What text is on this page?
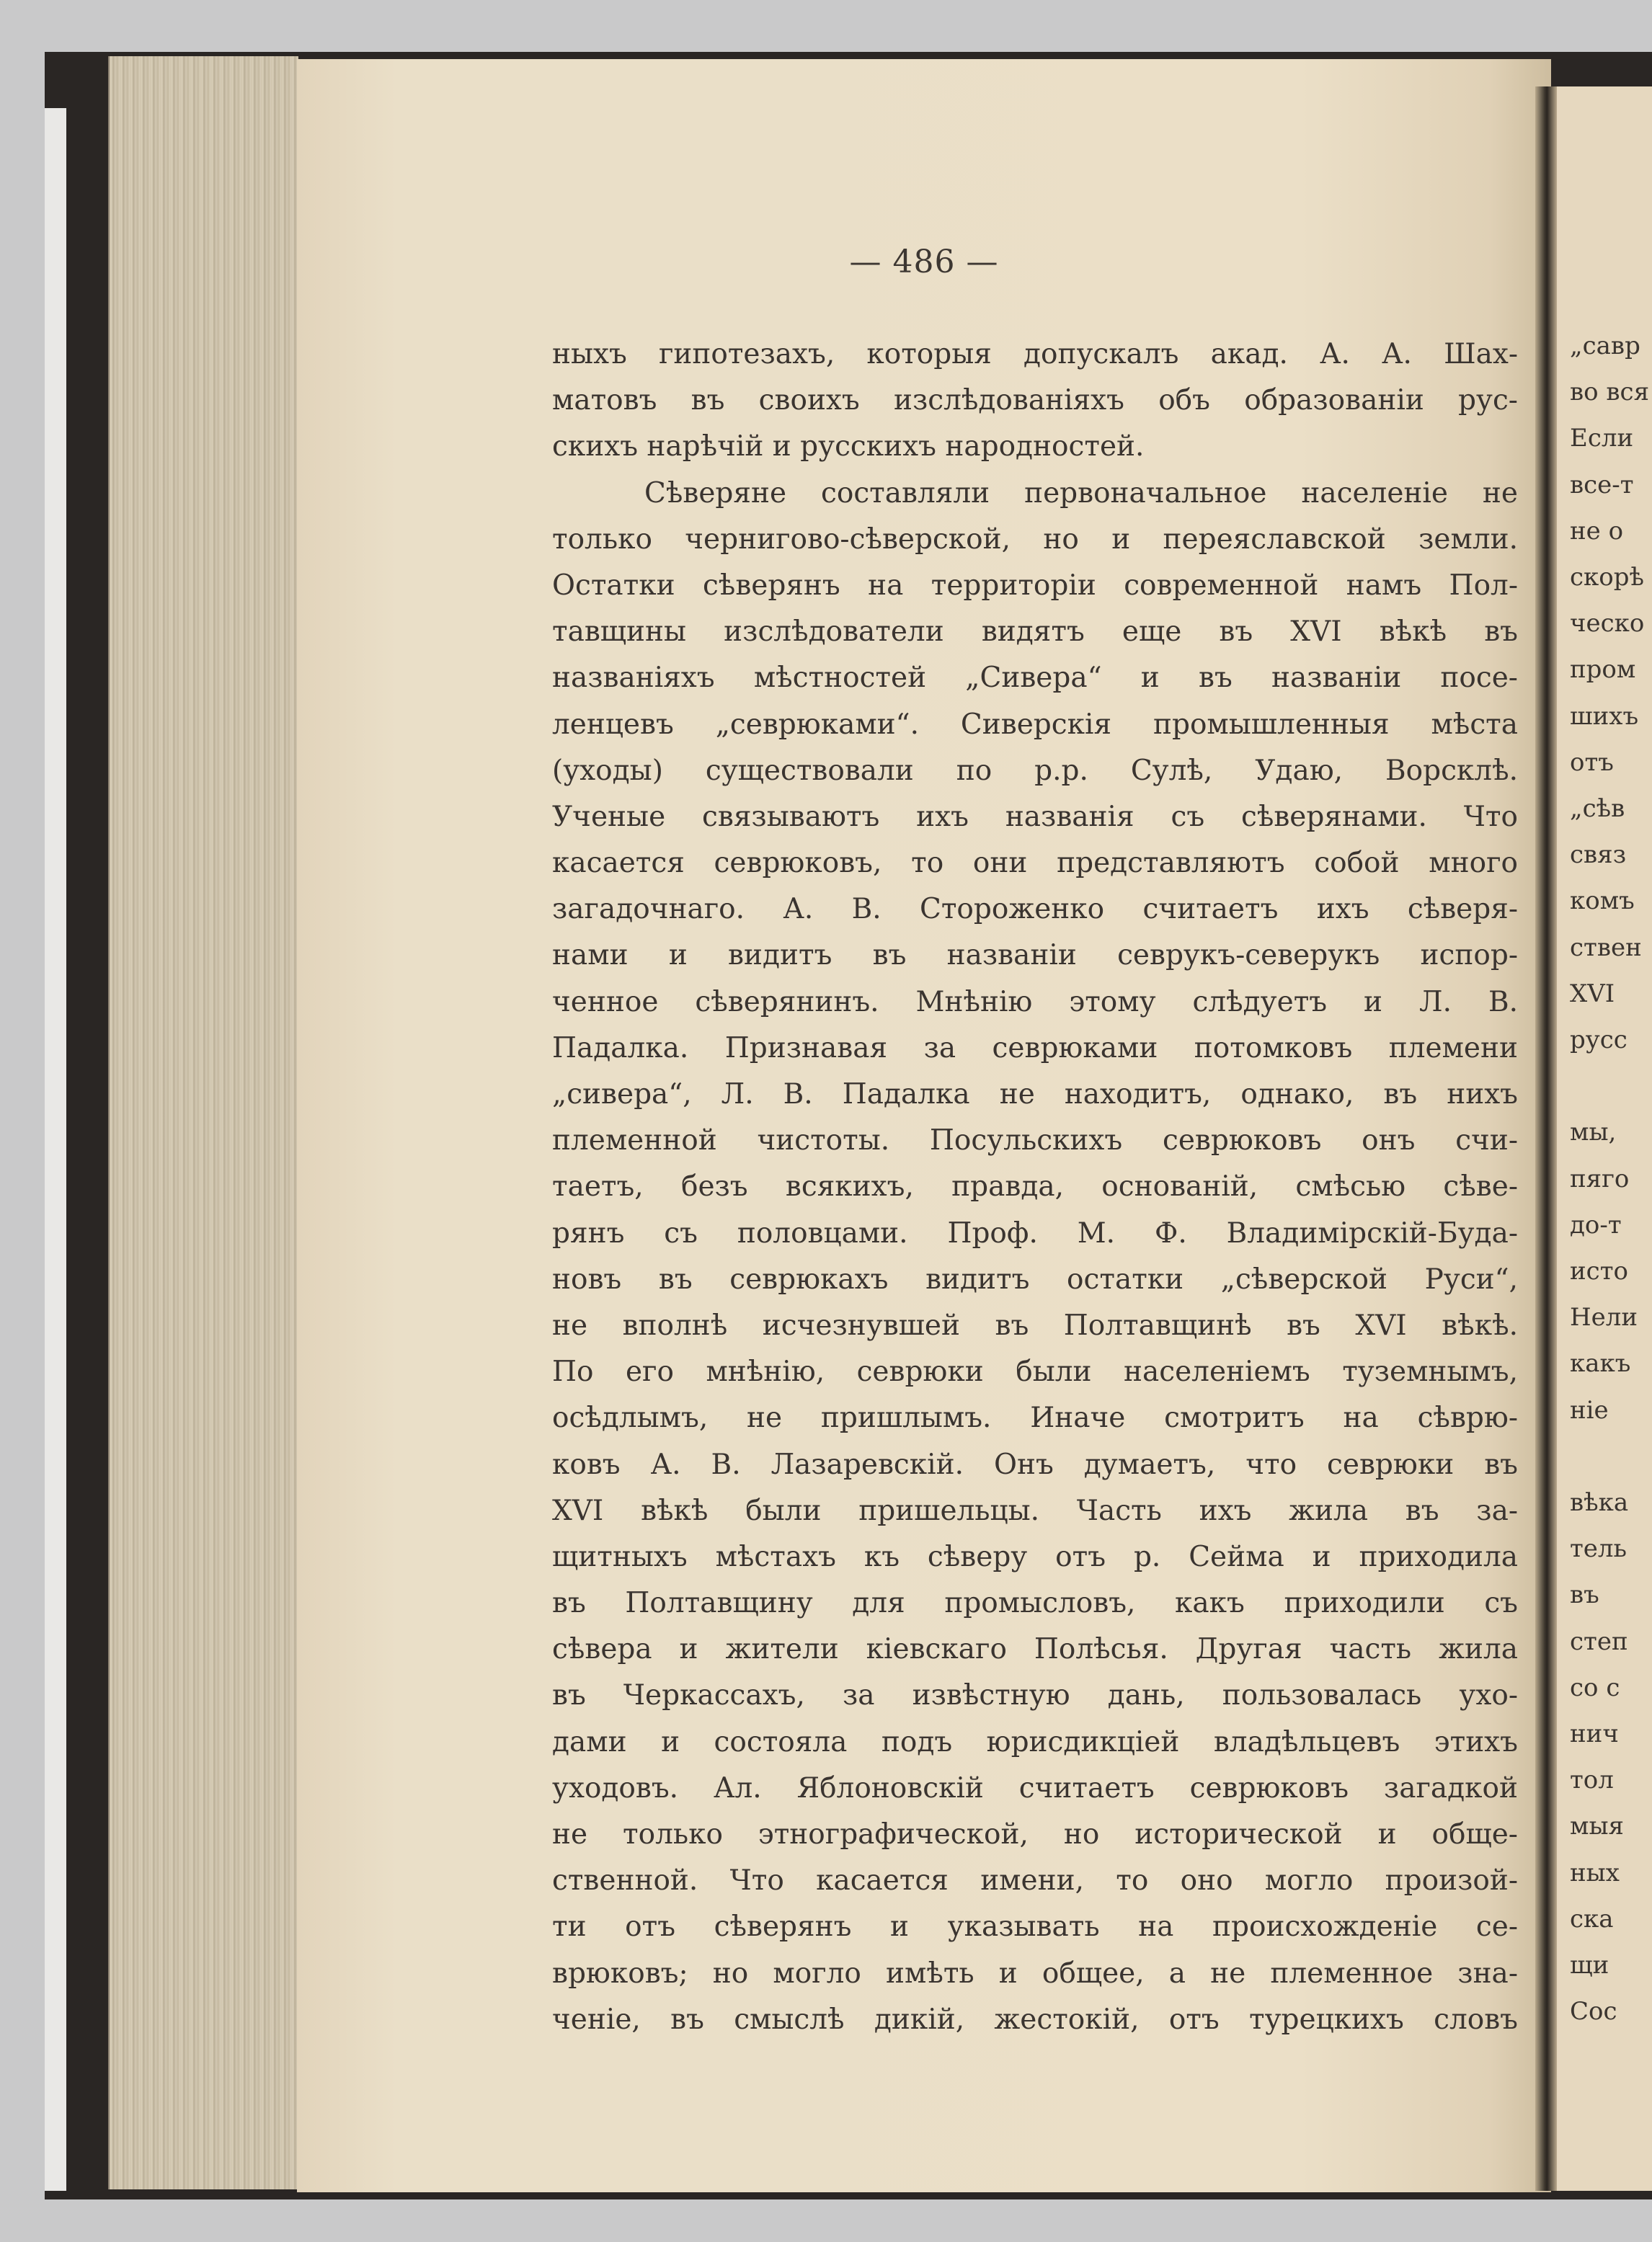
„савр
во вся
Если
все-т
не о
скорѣ
ческо
пром
шихъ
отъ
„сѣв
связ
комъ
ствен
XVI
русс
мы,
пяго
до-т
исто
Нели
какъ
ніе
вѣка
тель
въ
степ
со с
нич
тол
мыя
ных
ска
щи
Сос
— 486 —
ныхъ гипотезахъ, которыя допускалъ акад. А. А. Шах-
матовъ въ своихъ изслѣдованіяхъ объ образованіи рус-
скихъ нарѣчій и русскихъ народностей.
Сѣверяне составляли первоначальное населеніе не
только черниговo-сѣверской, но и переяславской земли.
Остатки сѣверянъ на территоріи современной намъ Пол-
тавщины изслѣдователи видятъ еще въ XVI вѣкѣ въ
названіяхъ мѣстностей „Сивера“ и въ названіи посе-
ленцевъ „севрюками“. Сиверскія промышленныя мѣста
(уходы) существовали по р.р. Сулѣ, Удаю, Ворсклѣ.
Ученые связываютъ ихъ названія съ сѣверянами. Что
касается севрюковъ, то они представляютъ собой много
загадочнаго. А. В. Стороженко считаетъ ихъ сѣверя-
нами и видитъ въ названіи севрукъ-северукъ испор-
ченное сѣверянинъ. Мнѣнію этому слѣдуетъ и Л. В.
Падалка. Признавая за севрюками потомковъ племени
„сивера“, Л. В. Падалка не находитъ, однако, въ нихъ
племенной чистоты. Посульскихъ севрюковъ онъ счи-
таетъ, безъ всякихъ, правда, основаній, смѣсью сѣве-
рянъ съ половцами. Проф. М. Ф. Владимірскій-Буда-
новъ въ севрюкахъ видитъ остатки „сѣверской Руси“,
не вполнѣ исчезнувшей въ Полтавщинѣ въ XVI вѣкѣ.
По его мнѣнію, севрюки были населеніемъ туземнымъ,
осѣдлымъ, не пришлымъ. Иначе смотритъ на сѣврю-
ковъ А. В. Лазаревскій. Онъ думаетъ, что севрюки въ
XVI вѣкѣ были пришельцы. Часть ихъ жила въ за-
щитныхъ мѣстахъ къ сѣверу отъ р. Сейма и приходила
въ Полтавщину для промысловъ, какъ приходили съ
сѣвера и жители кіевскаго Полѣсья. Другая часть жила
въ Черкассахъ, за извѣстную дань, пользовалась ухо-
дами и состояла подъ юрисдикціей владѣльцевъ этихъ
уходовъ. Ал. Яблоновскій считаетъ севрюковъ загадкой
не только этнографической, но исторической и обще-
ственной. Что касается имени, то оно могло произой-
ти отъ сѣверянъ и указывать на происхожденіе се-
врюковъ; но могло имѣть и общее, а не племенное зна-
ченіе, въ смыслѣ дикій, жестокій, отъ турецкихъ словъ
